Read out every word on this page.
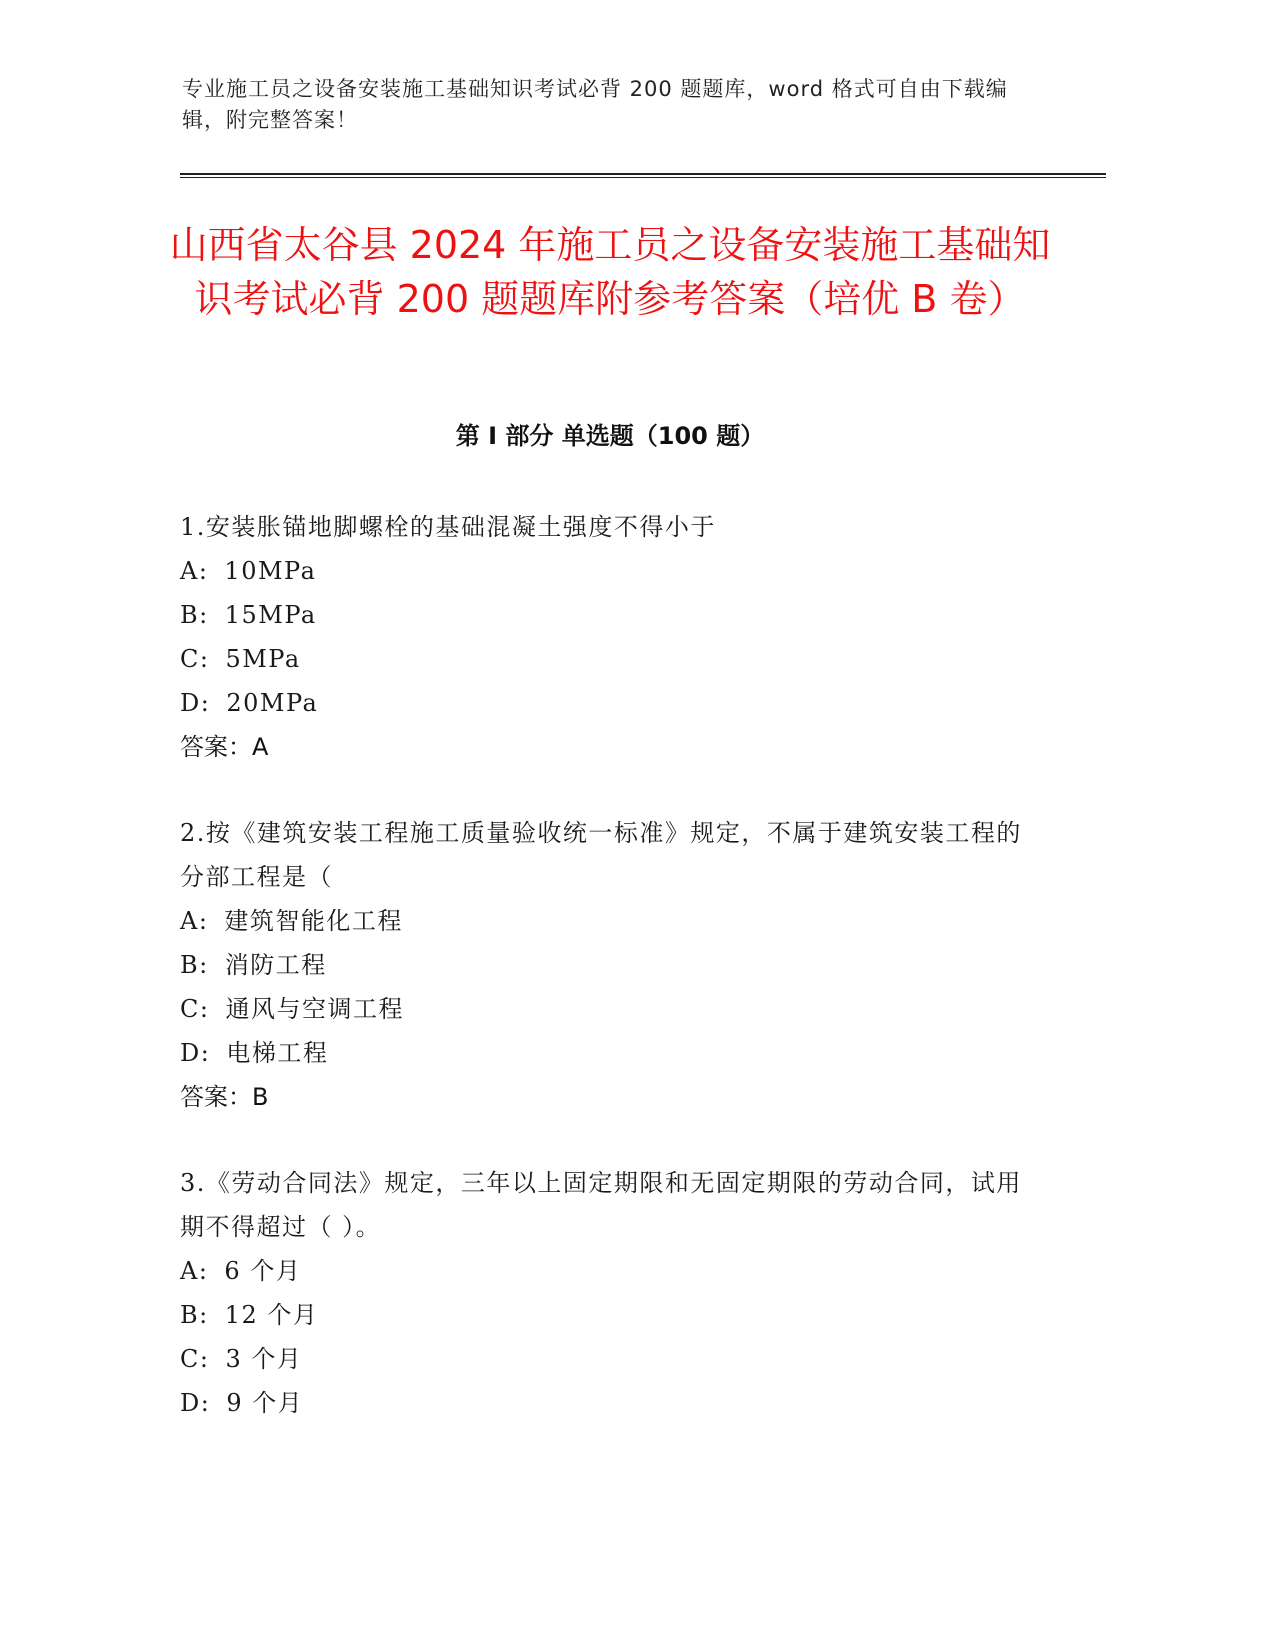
专业施工员之设备安装施工基础知识考试必背 200 题题库，word 格式可自由下载编辑，附完整答案！
山西省太谷县 2024 年施工员之设备安装施工基础知识考试必背 200 题题库附参考答案（培优 B 卷）
第 I 部分 单选题（100 题）
1.安装胀锚地脚螺栓的基础混凝土强度不得小于
A: 10MPa
B: 15MPa
C: 5MPa
D: 20MPa
答案：A
2.按《建筑安装工程施工质量验收统一标准》规定，不属于建筑安装工程的分部工程是（
A: 建筑智能化工程
B: 消防工程
C: 通风与空调工程
D: 电梯工程
答案：B
3.《劳动合同法》规定，三年以上固定期限和无固定期限的劳动合同，试用期不得超过（ ）。
A: 6 个月
B: 12 个月
C: 3 个月
D: 9 个月
